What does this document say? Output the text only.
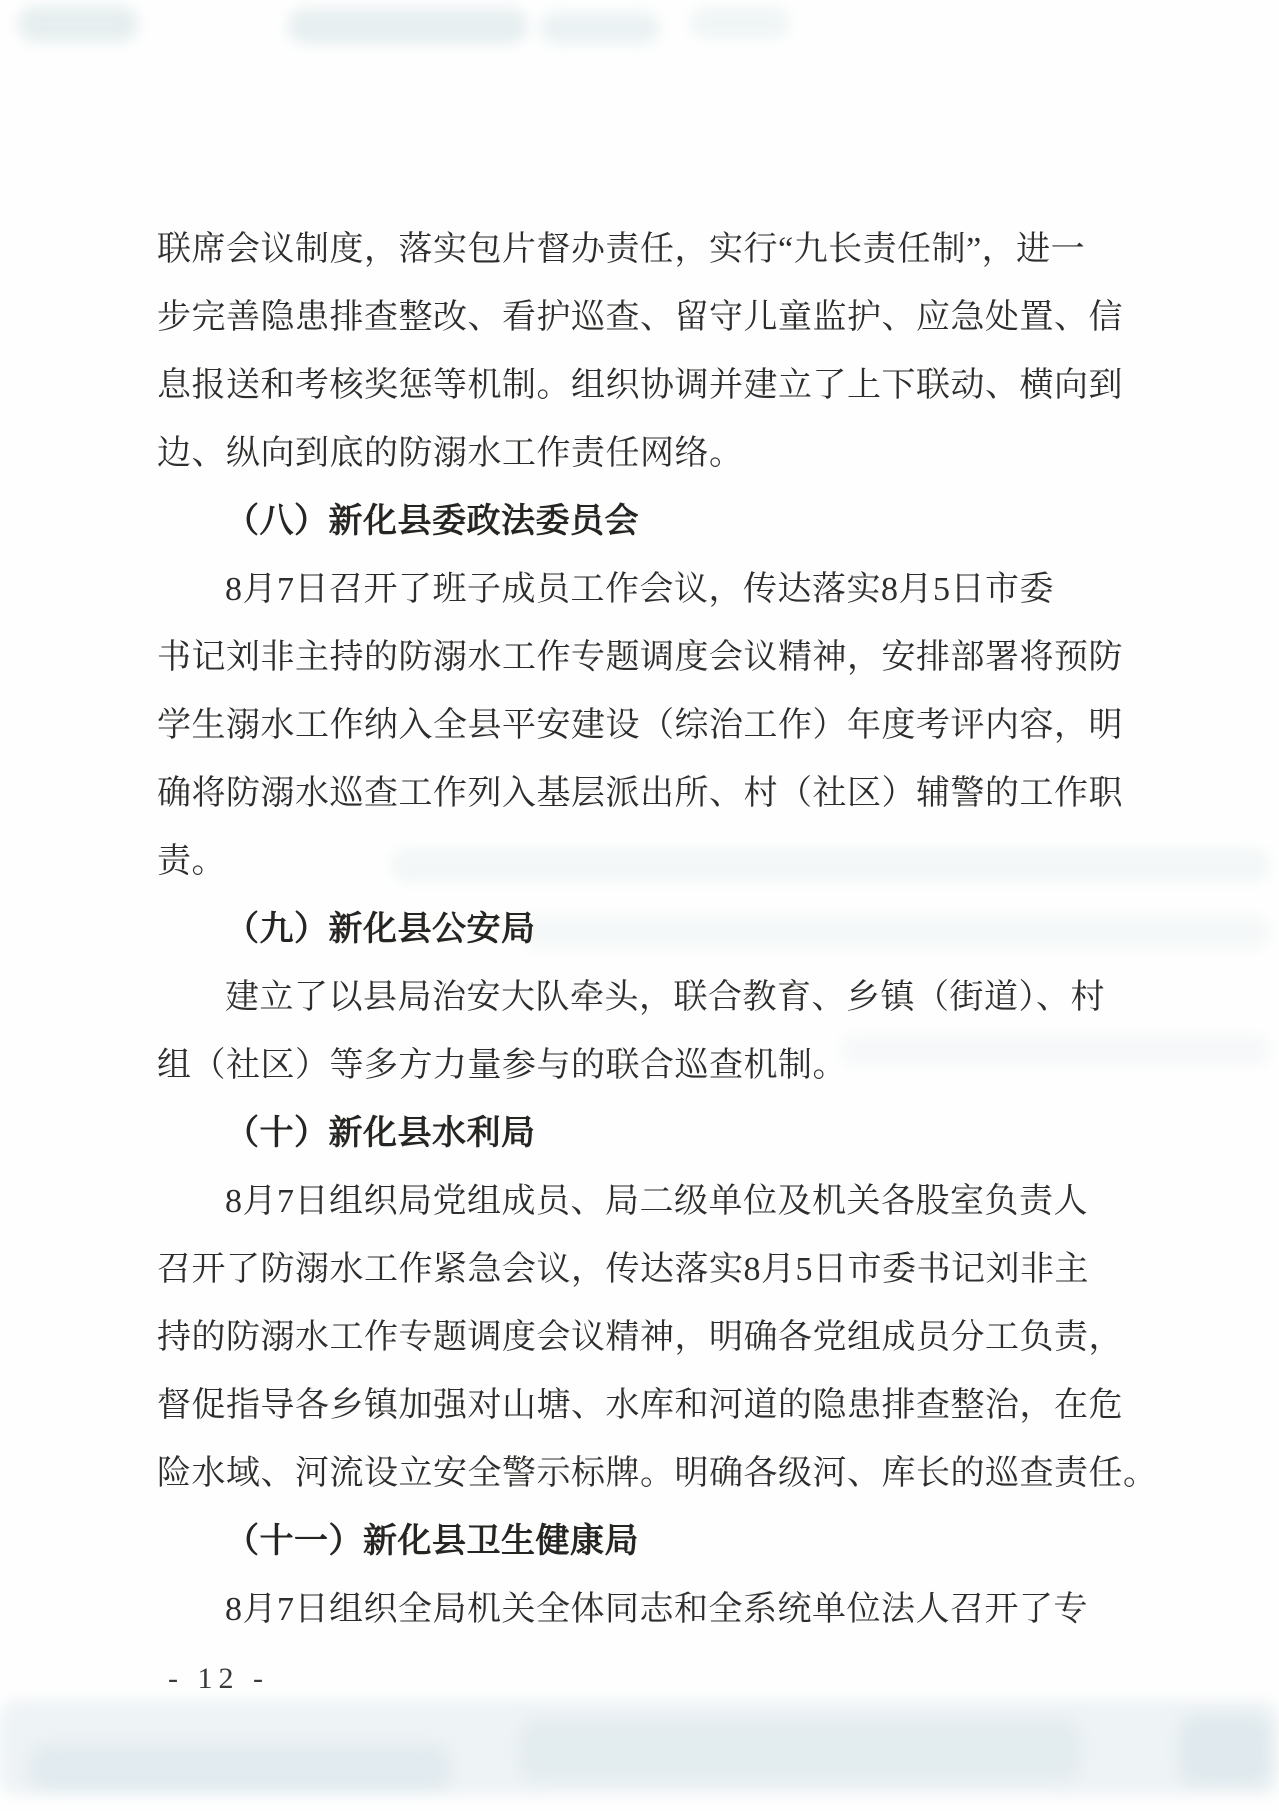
联席会议制度，落实包片督办责任，实行“九长责任制”，进一
步完善隐患排查整改、看护巡查、留守儿童监护、应急处置、信
息报送和考核奖惩等机制。组织协调并建立了上下联动、横向到
边、纵向到底的防溺水工作责任网络。
（八）新化县委政法委员会
8月7日召开了班子成员工作会议，传达落实8月5日市委
书记刘非主持的防溺水工作专题调度会议精神，安排部署将预防
学生溺水工作纳入全县平安建设（综治工作）年度考评内容，明
确将防溺水巡查工作列入基层派出所、村（社区）辅警的工作职
责。
（九）新化县公安局
建立了以县局治安大队牵头，联合教育、乡镇（街道）、村
组（社区）等多方力量参与的联合巡查机制。
（十）新化县水利局
8月7日组织局党组成员、局二级单位及机关各股室负责人
召开了防溺水工作紧急会议，传达落实8月5日市委书记刘非主
持的防溺水工作专题调度会议精神，明确各党组成员分工负责，
督促指导各乡镇加强对山塘、水库和河道的隐患排查整治，在危
险水域、河流设立安全警示标牌。明确各级河、库长的巡查责任。
（十一）新化县卫生健康局
8月7日组织全局机关全体同志和全系统单位法人召开了专
- 12 -
